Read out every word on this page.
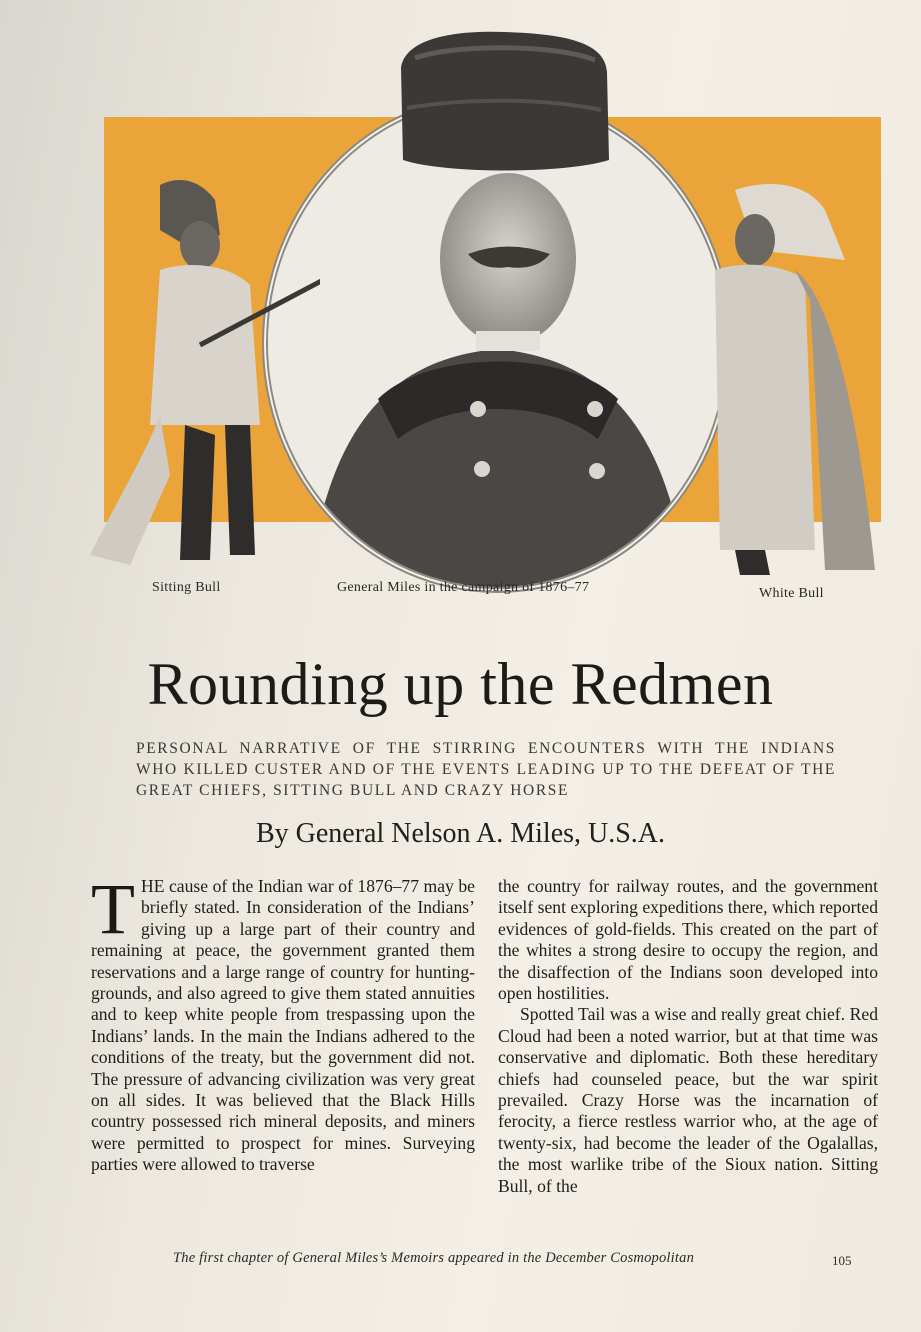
Sitting Bull	General Miles in the campaign of 1876–77	White Bull
Rounding up the Redmen
PERSONAL NARRATIVE OF THE STIRRING ENCOUNTERS WITH THE INDIANS WHO KILLED CUSTER AND OF THE EVENTS LEADING UP TO THE DEFEAT OF THE GREAT CHIEFS, SITTING BULL AND CRAZY HORSE
By General Nelson A. Miles, U.S.A.

THE cause of the Indian war of 1876–77 may be briefly stated. In consideration of the Indians’ giving up a large part of their country and remaining at peace, the government granted them reservations and a large range of country for hunting-grounds, and also agreed to give them stated annuities and to keep white people from trespassing upon the Indians’ lands. In the main the Indians adhered to the conditions of the treaty, but the government did not. The pressure of advancing civilization was very great on all sides. It was believed that the Black Hills country possessed rich mineral deposits, and miners were permitted to prospect for mines. Surveying parties were allowed to traverse

the country for railway routes, and the government itself sent exploring expeditions there, which reported evidences of gold-fields. This created on the part of the whites a strong desire to occupy the region, and the disaffection of the Indians soon developed into open hostilities.

Spotted Tail was a wise and really great chief. Red Cloud had been a noted warrior, but at that time was conservative and diplomatic. Both these hereditary chiefs had counseled peace, but the war spirit prevailed. Crazy Horse was the incarnation of ferocity, a fierce restless warrior who, at the age of twenty-six, had become the leader of the Ogalallas, the most warlike tribe of the Sioux nation. Sitting Bull, of the

The first chapter of General Miles’s Memoirs appeared in the December Cosmopolitan	105
